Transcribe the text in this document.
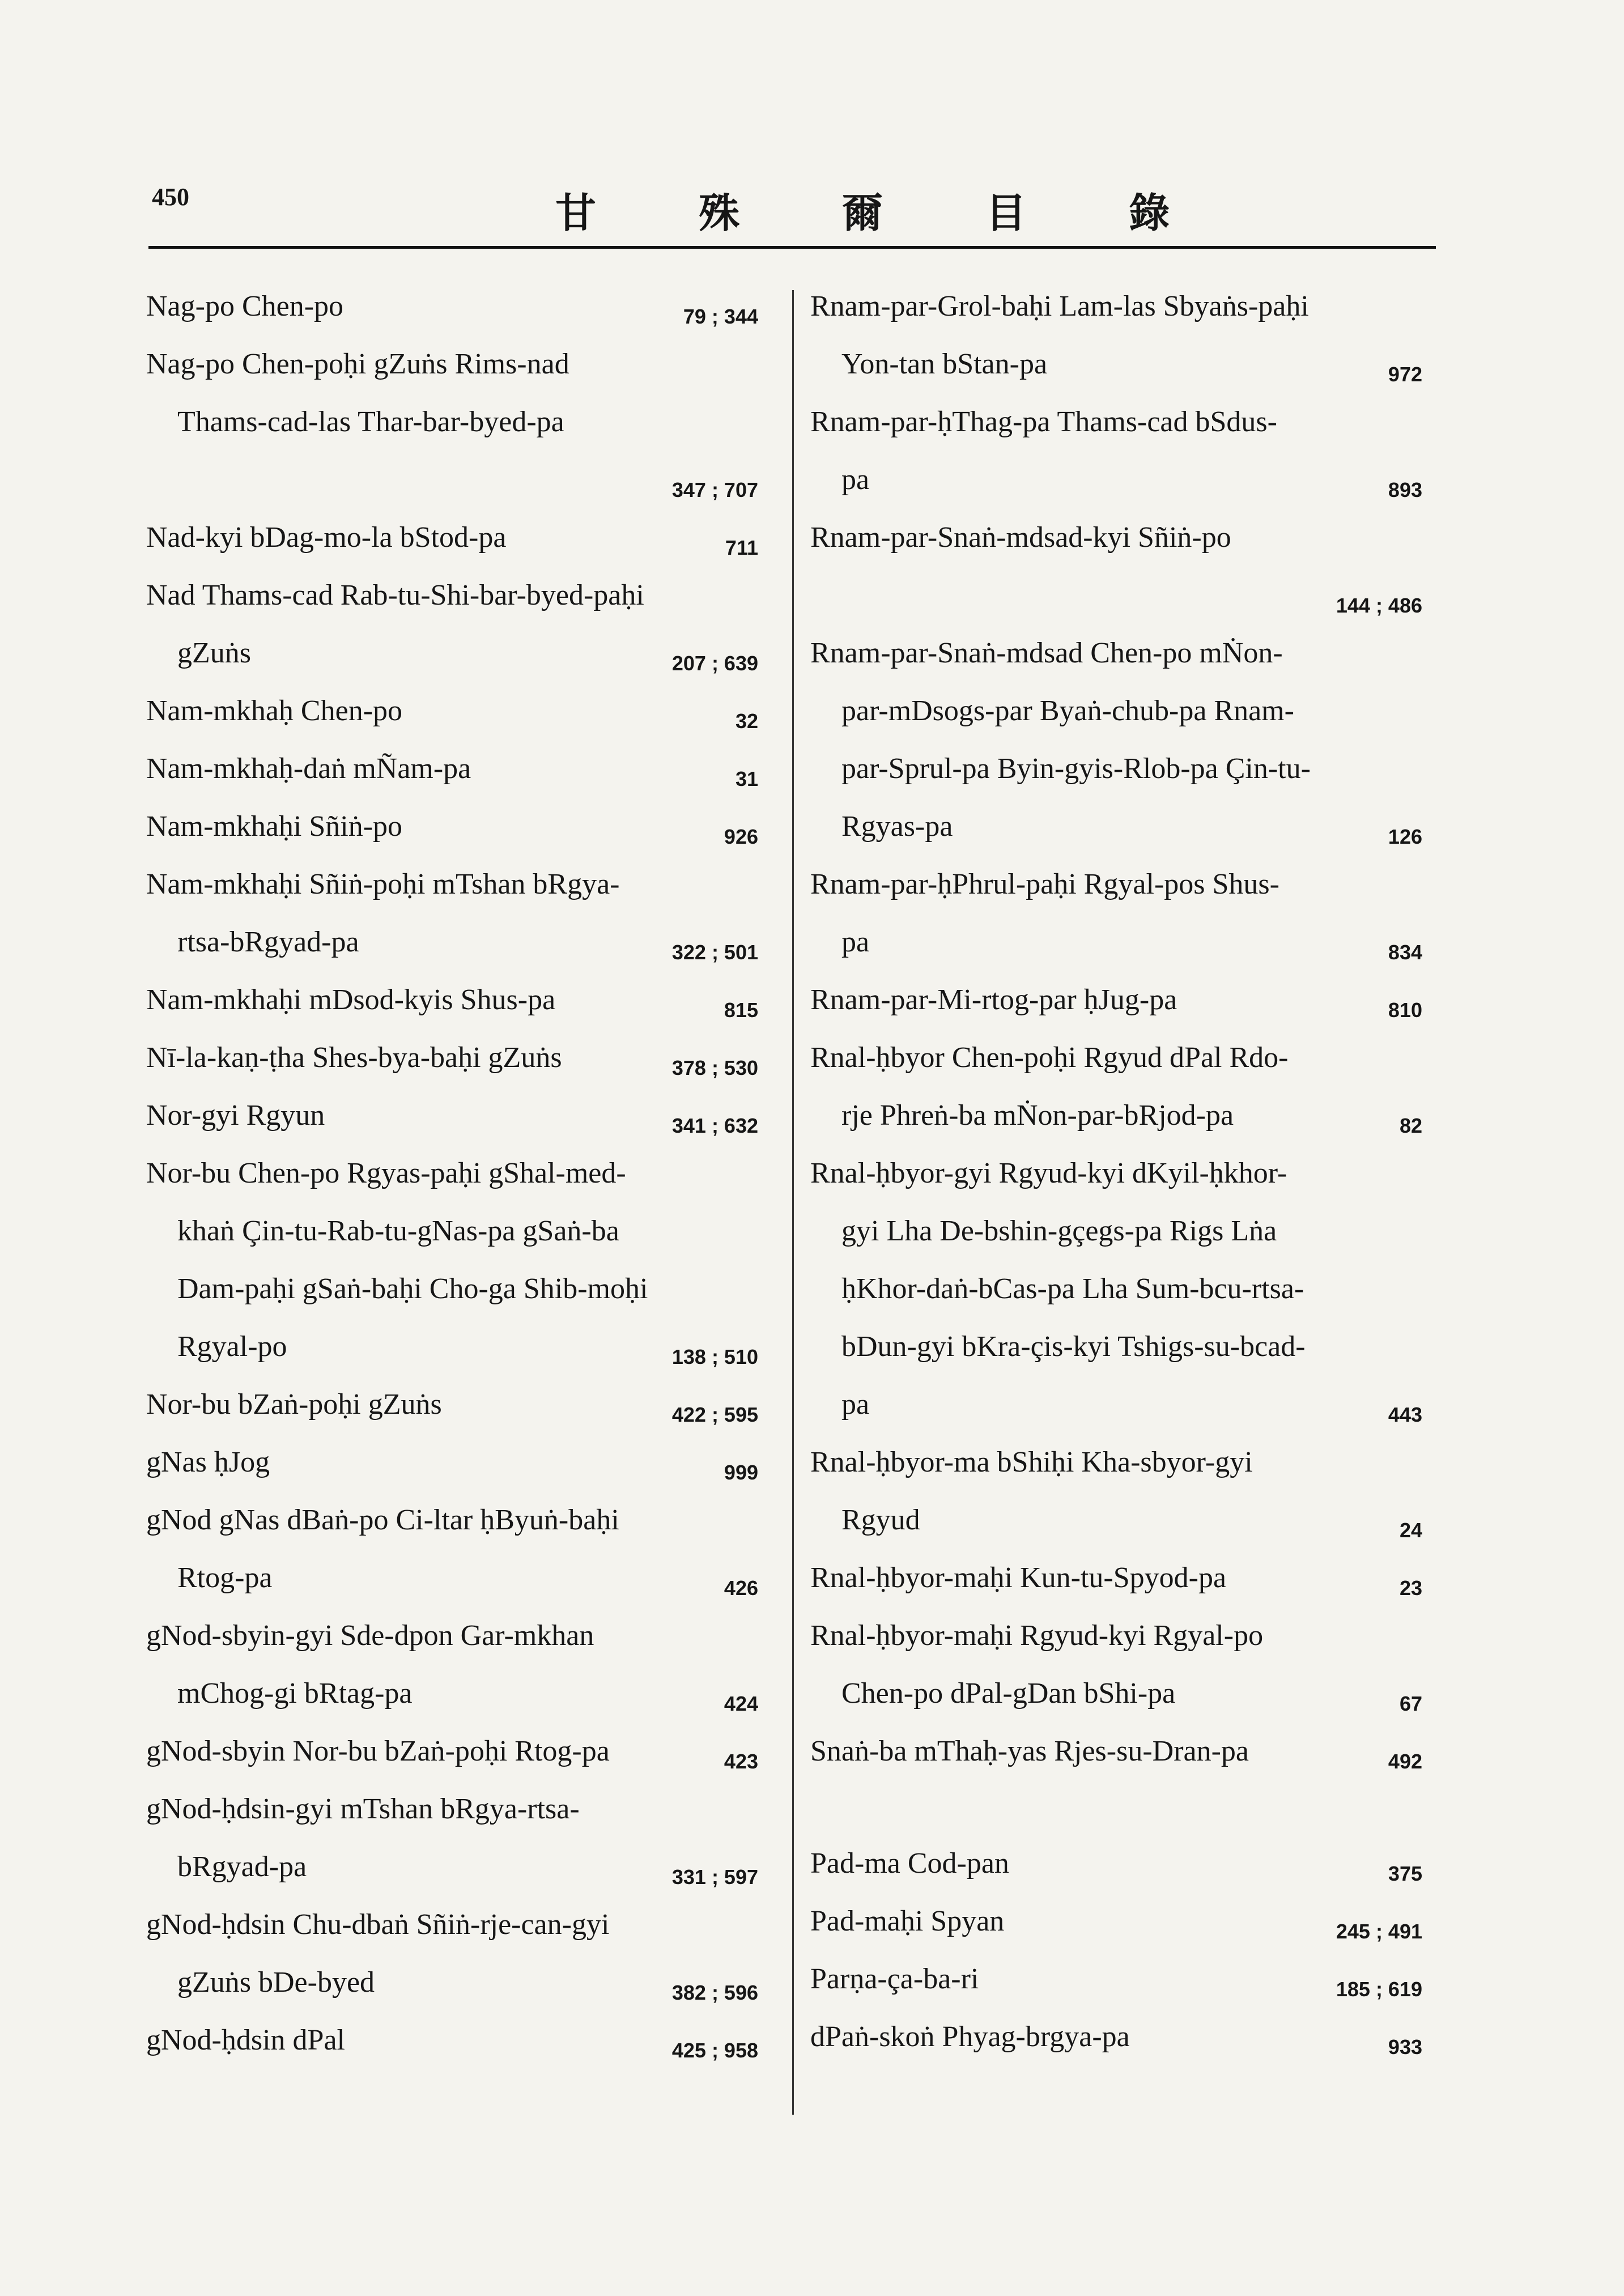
450	甘 殊 爾 目 錄
Nag-po Chen-po	79 ; 344
Nag-po Chen-poḥi gZuṅs Rims-nad
Thams-cad-las Thar-bar-byed-pa
347 ; 707
Nad-kyi bDag-mo-la bStod-pa	711
Nad Thams-cad Rab-tu-Shi-bar-byed-paḥi
gZuṅs	207 ; 639
Nam-mkhaḥ Chen-po	32
Nam-mkhaḥ-daṅ mÑam-pa	31
Nam-mkhaḥi Sñiṅ-po	926
Nam-mkhaḥi Sñiṅ-poḥi mTshan bRgya-
rtsa-bRgyad-pa	322 ; 501
Nam-mkhaḥi mDsod-kyis Shus-pa	815
Nī-la-kaṇ-ṭha Shes-bya-baḥi gZuṅs	378 ; 530
Nor-gyi Rgyun	341 ; 632
Nor-bu Chen-po Rgyas-paḥi gShal-med-
khaṅ Çin-tu-Rab-tu-gNas-pa gSaṅ-ba
Dam-paḥi gSaṅ-baḥi Cho-ga Shib-moḥi
Rgyal-po	138 ; 510
Nor-bu bZaṅ-poḥi gZuṅs	422 ; 595
gNas ḥJog	999
gNod gNas dBaṅ-po Ci-ltar ḥByuṅ-baḥi
Rtog-pa	426
gNod-sbyin-gyi Sde-dpon Gar-mkhan
mChog-gi bRtag-pa	424
gNod-sbyin Nor-bu bZaṅ-poḥi Rtog-pa	423
gNod-ḥdsin-gyi mTshan bRgya-rtsa-
bRgyad-pa	331 ; 597
gNod-ḥdsin Chu-dbaṅ Sñiṅ-rje-can-gyi
gZuṅs bDe-byed	382 ; 596
gNod-ḥdsin dPal	425 ; 958
Rnam-par-Grol-baḥi Lam-las Sbyaṅs-paḥi
Yon-tan bStan-pa	972
Rnam-par-ḥThag-pa Thams-cad bSdus-
pa	893
Rnam-par-Snaṅ-mdsad-kyi Sñiṅ-po
144 ; 486
Rnam-par-Snaṅ-mdsad Chen-po mṄon-
par-mDsogs-par Byaṅ-chub-pa Rnam-
par-Sprul-pa Byin-gyis-Rlob-pa Çin-tu-
Rgyas-pa	126
Rnam-par-ḥPhrul-paḥi Rgyal-pos Shus-
pa	834
Rnam-par-Mi-rtog-par ḥJug-pa	810
Rnal-ḥbyor Chen-poḥi Rgyud dPal Rdo-
rje Phreṅ-ba mṄon-par-bRjod-pa	82
Rnal-ḥbyor-gyi Rgyud-kyi dKyil-ḥkhor-
gyi Lha De-bshin-gçegs-pa Rigs Lṅa
ḥKhor-daṅ-bCas-pa Lha Sum-bcu-rtsa-
bDun-gyi bKra-çis-kyi Tshigs-su-bcad-
pa	443
Rnal-ḥbyor-ma bShiḥi Kha-sbyor-gyi
Rgyud	24
Rnal-ḥbyor-maḥi Kun-tu-Spyod-pa	23
Rnal-ḥbyor-maḥi Rgyud-kyi Rgyal-po
Chen-po dPal-gDan bShi-pa	67
Snaṅ-ba mThaḥ-yas Rjes-su-Dran-pa	492
Pad-ma Cod-pan	375
Pad-maḥi Spyan	245 ; 491
Parṇa-ça-ba-ri	185 ; 619
dPaṅ-skoṅ Phyag-brgya-pa	933
